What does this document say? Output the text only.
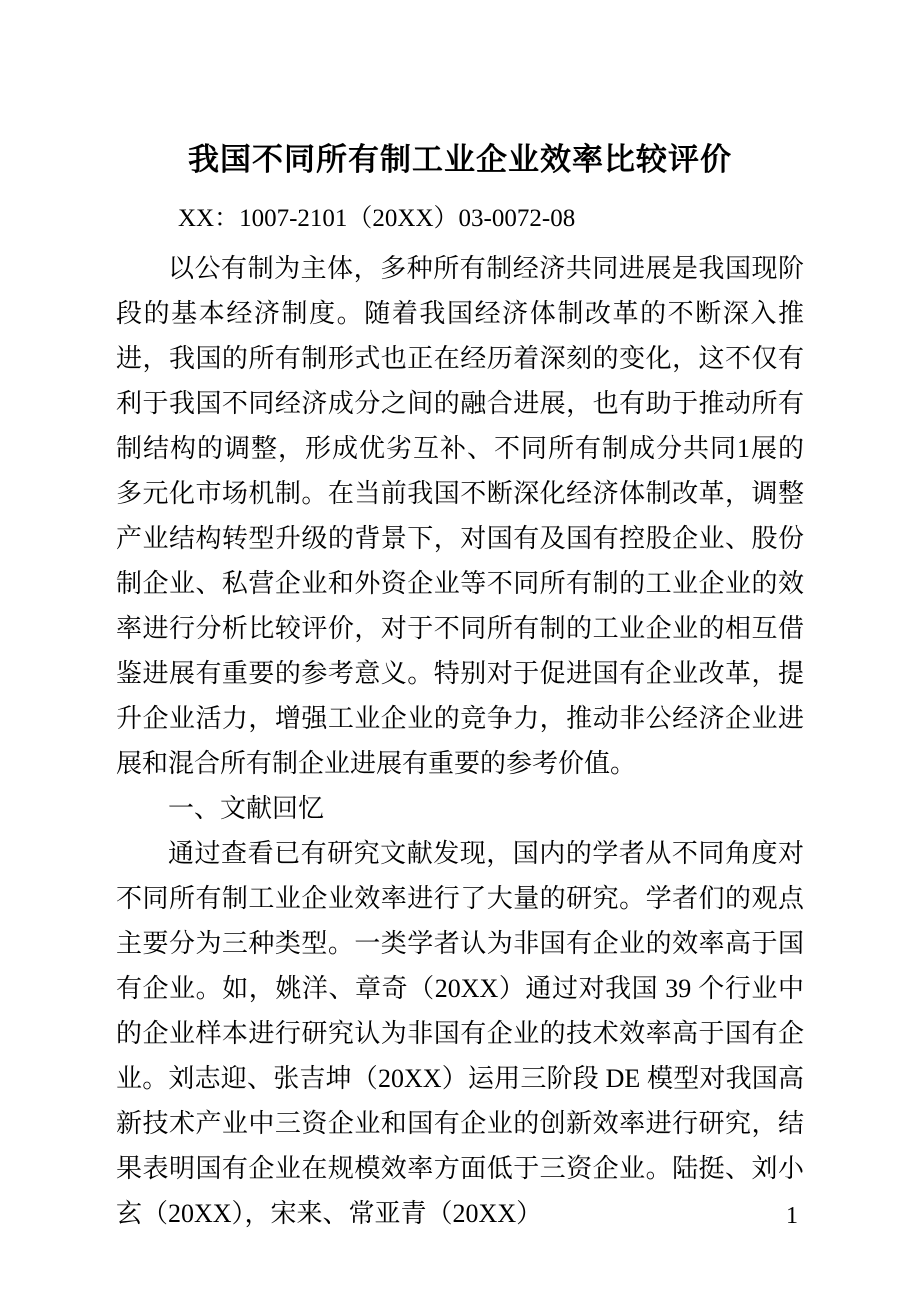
我国不同所有制工业企业效率比较评价

XX：1007-2101（20XX）03-0072-08

以公有制为主体，多种所有制经济共同进展是我国现阶段的基本经济制度。随着我国经济体制改革的不断深入推进，我国的所有制形式也正在经历着深刻的变化，这不仅有利于我国不同经济成分之间的融合进展，也有助于推动所有制结构的调整，形成优劣互补、不同所有制成分共同1展的多元化市场机制。在当前我国不断深化经济体制改革，调整产业结构转型升级的背景下，对国有及国有控股企业、股份制企业、私营企业和外资企业等不同所有制的工业企业的效率进行分析比较评价，对于不同所有制的工业企业的相互借鉴进展有重要的参考意义。特别对于促进国有企业改革，提升企业活力，增强工业企业的竞争力，推动非公经济企业进展和混合所有制企业进展有重要的参考价值。

一、文献回忆

通过查看已有研究文献发现，国内的学者从不同角度对不同所有制工业企业效率进行了大量的研究。学者们的观点主要分为三种类型。一类学者认为非国有企业的效率高于国有企业。如，姚洋、章奇（20XX）通过对我国 39 个行业中的企业样本进行研究认为非国有企业的技术效率高于国有企业。刘志迎、张吉坤（20XX）运用三阶段 DE 模型对我国高新技术产业中三资企业和国有企业的创新效率进行研究，结果表明国有企业在规模效率方面低于三资企业。陆挺、刘小玄（20XX），宋来、常亚青（20XX）	1
